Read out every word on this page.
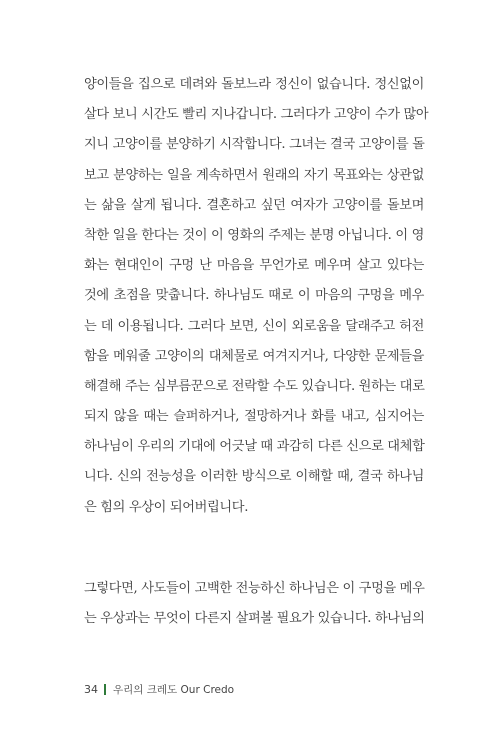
양이들을 집으로 데려와 돌보느라 정신이 없습니다. 정신없이
살다 보니 시간도 빨리 지나갑니다. 그러다가 고양이 수가 많아
지니 고양이를 분양하기 시작합니다. 그녀는 결국 고양이를 돌
보고 분양하는 일을 계속하면서 원래의 자기 목표와는 상관없
는 삶을 살게 됩니다. 결혼하고 싶던 여자가 고양이를 돌보며
착한 일을 한다는 것이 이 영화의 주제는 분명 아닙니다. 이 영
화는 현대인이 구멍 난 마음을 무언가로 메우며 살고 있다는
것에 초점을 맞춥니다. 하나님도 때로 이 마음의 구멍을 메우
는 데 이용됩니다. 그러다 보면, 신이 외로움을 달래주고 허전
함을 메워줄 고양이의 대체물로 여겨지거나, 다양한 문제들을
해결해 주는 심부름꾼으로 전락할 수도 있습니다. 원하는 대로
되지 않을 때는 슬퍼하거나, 절망하거나 화를 내고, 심지어는
하나님이 우리의 기대에 어긋날 때 과감히 다른 신으로 대체합
니다. 신의 전능성을 이러한 방식으로 이해할 때, 결국 하나님
은 힘의 우상이 되어버립니다.
그렇다면, 사도들이 고백한 전능하신 하나님은 이 구멍을 메우
는 우상과는 무엇이 다른지 살펴볼 필요가 있습니다. 하나님의
34 우리의 크레도 Our Credo
